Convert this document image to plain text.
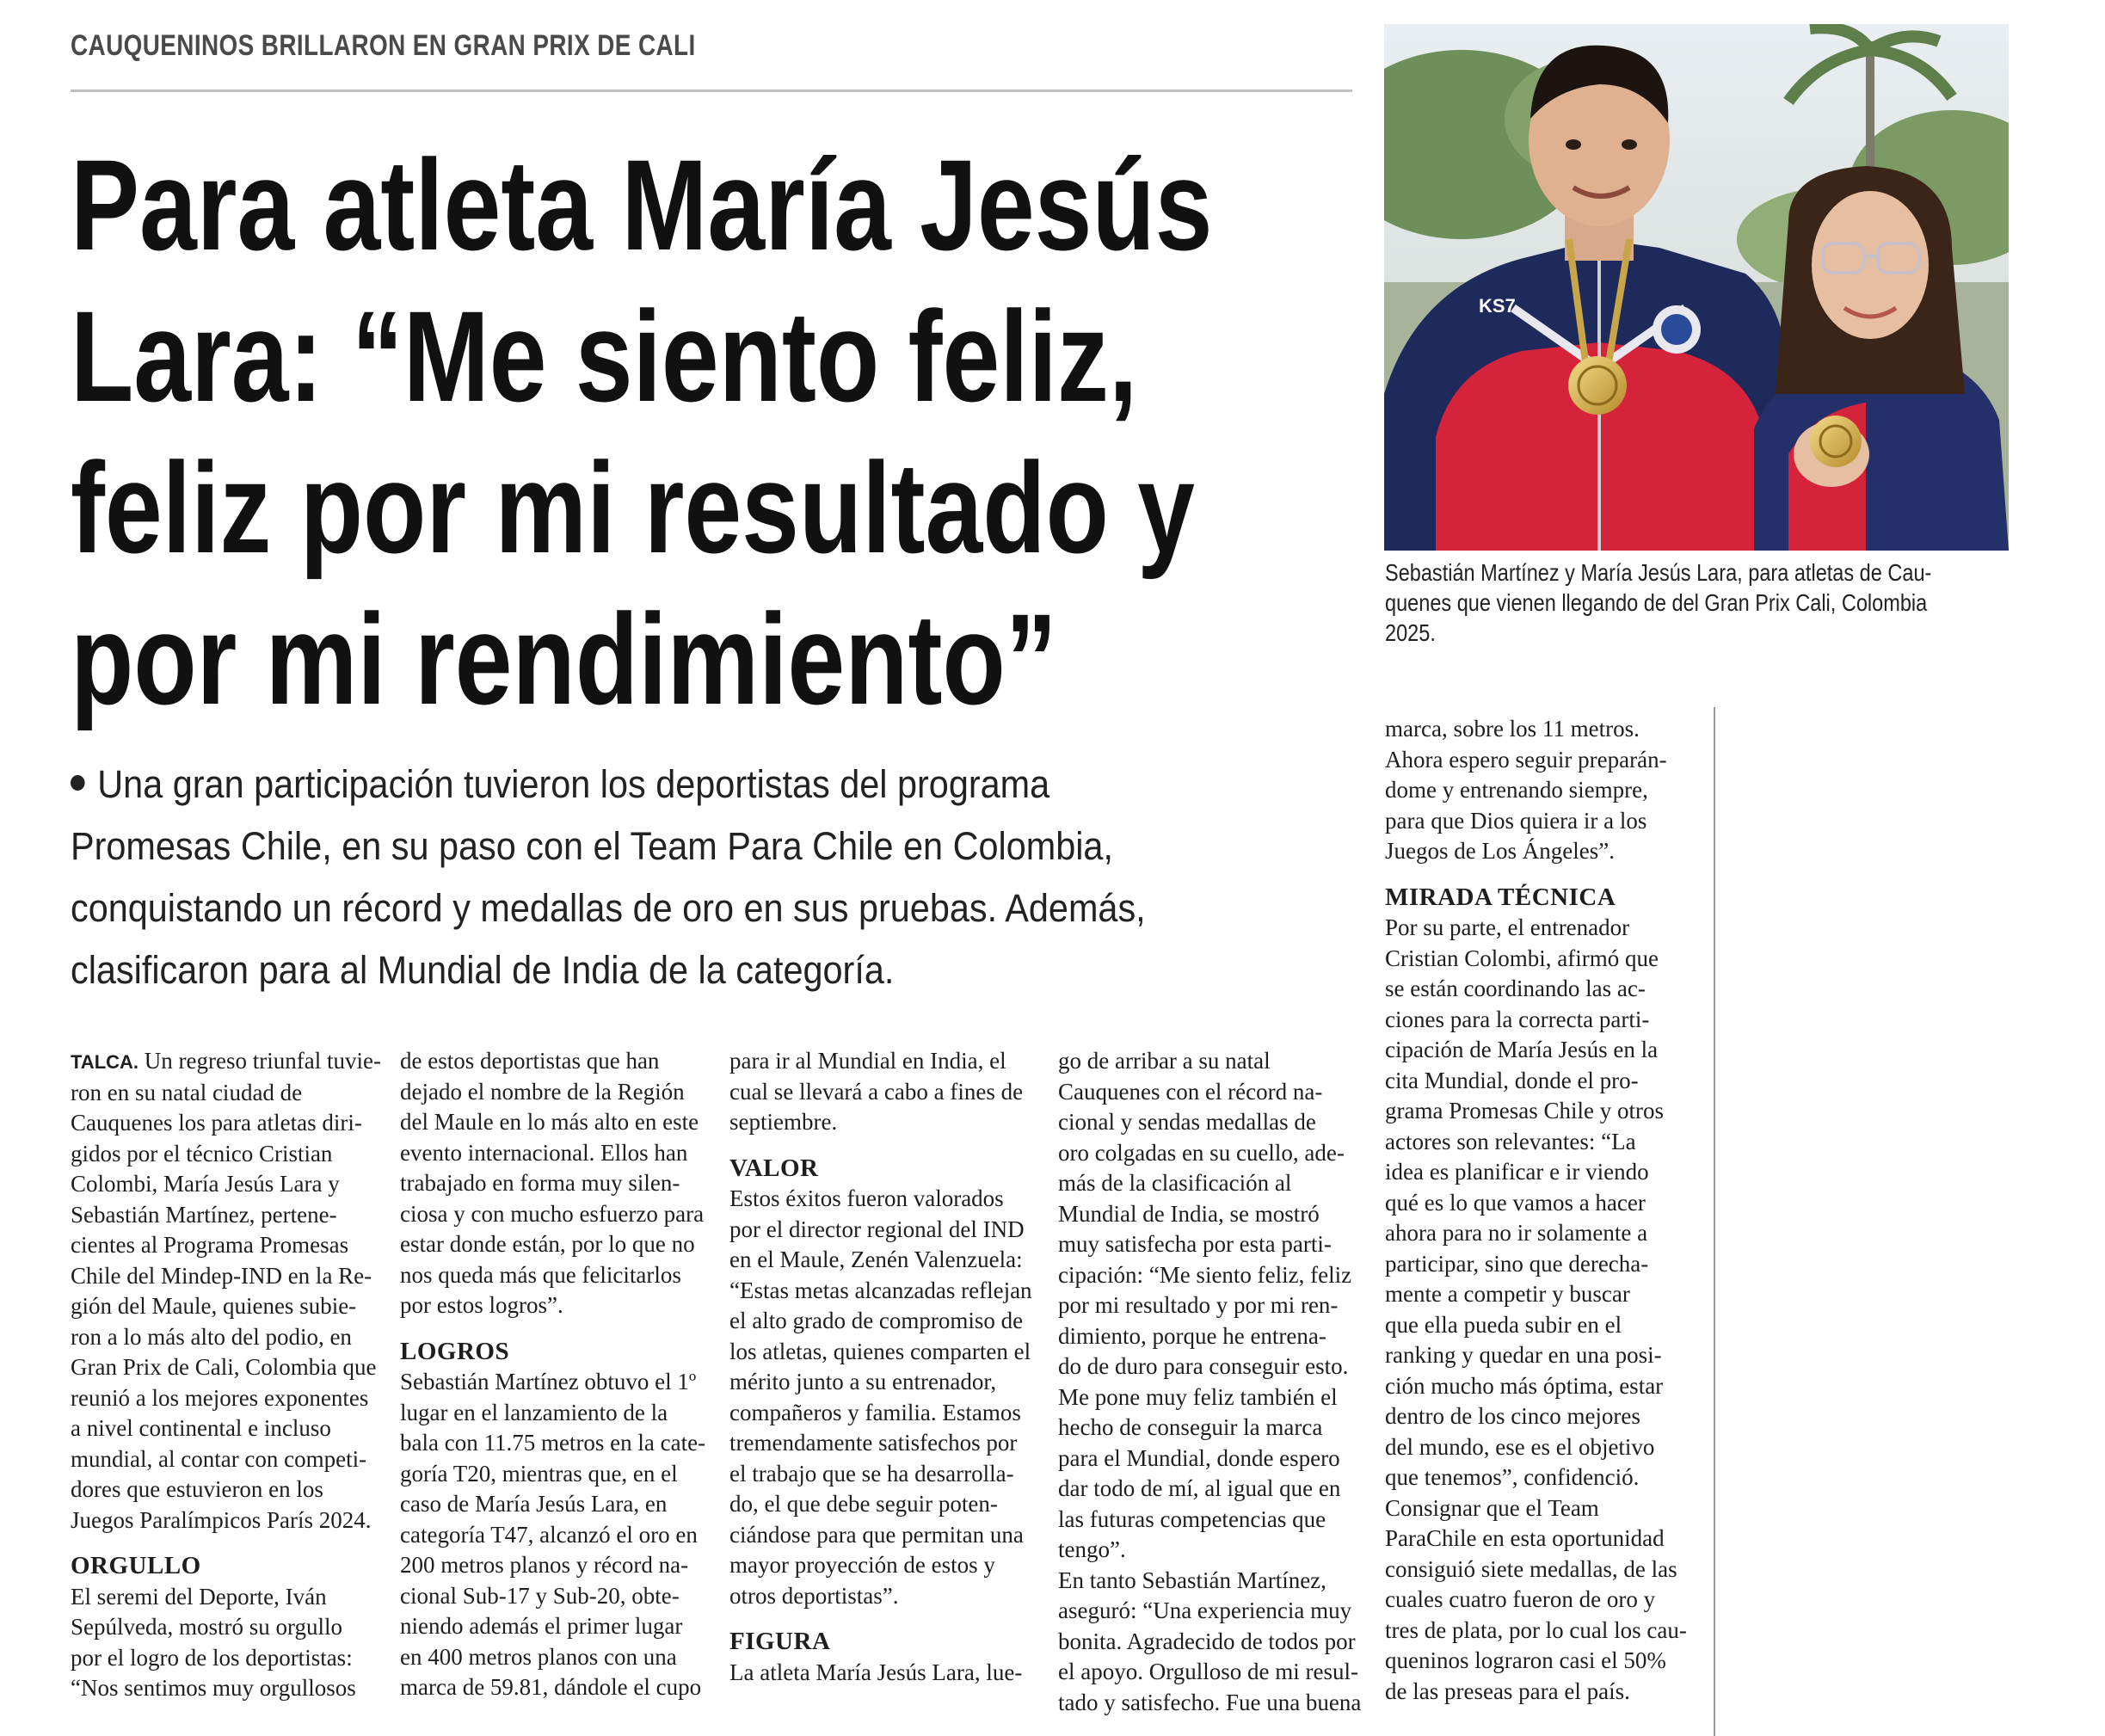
CAUQUENINOS BRILLARON EN GRAN PRIX DE CALI
Para atleta María Jesús
Lara: “Me siento feliz,
feliz por mi resultado y
por mi rendimiento”
KS7
Sebastián Martínez y María Jesús Lara, para atletas de Cau-
quenes que vienen llegando de del Gran Prix Cali, Colombia
2025.
Una gran participación tuvieron los deportistas del programa
Promesas Chile, en su paso con el Team Para Chile en Colombia,
conquistando un récord y medallas de oro en sus pruebas. Además,
clasificaron para al Mundial de India de la categoría.
TALCA. Un regreso triunfal tuvie-
ron en su natal ciudad de
Cauquenes los para atletas diri-
gidos por el técnico Cristian
Colombi, María Jesús Lara y
Sebastián Martínez, pertene-
cientes al Programa Promesas
Chile del Mindep-IND en la Re-
gión del Maule, quienes subie-
ron a lo más alto del podio, en
Gran Prix de Cali, Colombia que
reunió a los mejores exponentes
a nivel continental e incluso
mundial, al contar con competi-
dores que estuvieron en los
Juegos Paralímpicos París 2024.
ORGULLO
El seremi del Deporte, Iván
Sepúlveda, mostró su orgullo
por el logro de los deportistas:
“Nos sentimos muy orgullosos
de estos deportistas que han
dejado el nombre de la Región
del Maule en lo más alto en este
evento internacional. Ellos han
trabajado en forma muy silen-
ciosa y con mucho esfuerzo para
estar donde están, por lo que no
nos queda más que felicitarlos
por estos logros”.
LOGROS
Sebastián Martínez obtuvo el 1º
lugar en el lanzamiento de la
bala con 11.75 metros en la cate-
goría T20, mientras que, en el
caso de María Jesús Lara, en
categoría T47, alcanzó el oro en
200 metros planos y récord na-
cional Sub-17 y Sub-20, obte-
niendo además el primer lugar
en 400 metros planos con una
marca de 59.81, dándole el cupo
para ir al Mundial en India, el
cual se llevará a cabo a fines de
septiembre.
VALOR
Estos éxitos fueron valorados
por el director regional del IND
en el Maule, Zenén Valenzuela:
“Estas metas alcanzadas reflejan
el alto grado de compromiso de
los atletas, quienes comparten el
mérito junto a su entrenador,
compañeros y familia. Estamos
tremendamente satisfechos por
el trabajo que se ha desarrolla-
do, el que debe seguir poten-
ciándose para que permitan una
mayor proyección de estos y
otros deportistas”.
FIGURA
La atleta María Jesús Lara, lue-
go de arribar a su natal
Cauquenes con el récord na-
cional y sendas medallas de
oro colgadas en su cuello, ade-
más de la clasificación al
Mundial de India, se mostró
muy satisfecha por esta parti-
cipación: “Me siento feliz, feliz
por mi resultado y por mi ren-
dimiento, porque he entrena-
do de duro para conseguir esto.
Me pone muy feliz también el
hecho de conseguir la marca
para el Mundial, donde espero
dar todo de mí, al igual que en
las futuras competencias que
tengo”.
En tanto Sebastián Martínez,
aseguró: “Una experiencia muy
bonita. Agradecido de todos por
el apoyo. Orgulloso de mi resul-
tado y satisfecho. Fue una buena
marca, sobre los 11 metros.
Ahora espero seguir preparán-
dome y entrenando siempre,
para que Dios quiera ir a los
Juegos de Los Ángeles”.
MIRADA TÉCNICA
Por su parte, el entrenador
Cristian Colombi, afirmó que
se están coordinando las ac-
ciones para la correcta parti-
cipación de María Jesús en la
cita Mundial, donde el pro-
grama Promesas Chile y otros
actores son relevantes: “La
idea es planificar e ir viendo
qué es lo que vamos a hacer
ahora para no ir solamente a
participar, sino que derecha-
mente a competir y buscar
que ella pueda subir en el
ranking y quedar en una posi-
ción mucho más óptima, estar
dentro de los cinco mejores
del mundo, ese es el objetivo
que tenemos”, confidenció.
Consignar que el Team
ParaChile en esta oportunidad
consiguió siete medallas, de las
cuales cuatro fueron de oro y
tres de plata, por lo cual los cau-
queninos lograron casi el 50%
de las preseas para el país.
